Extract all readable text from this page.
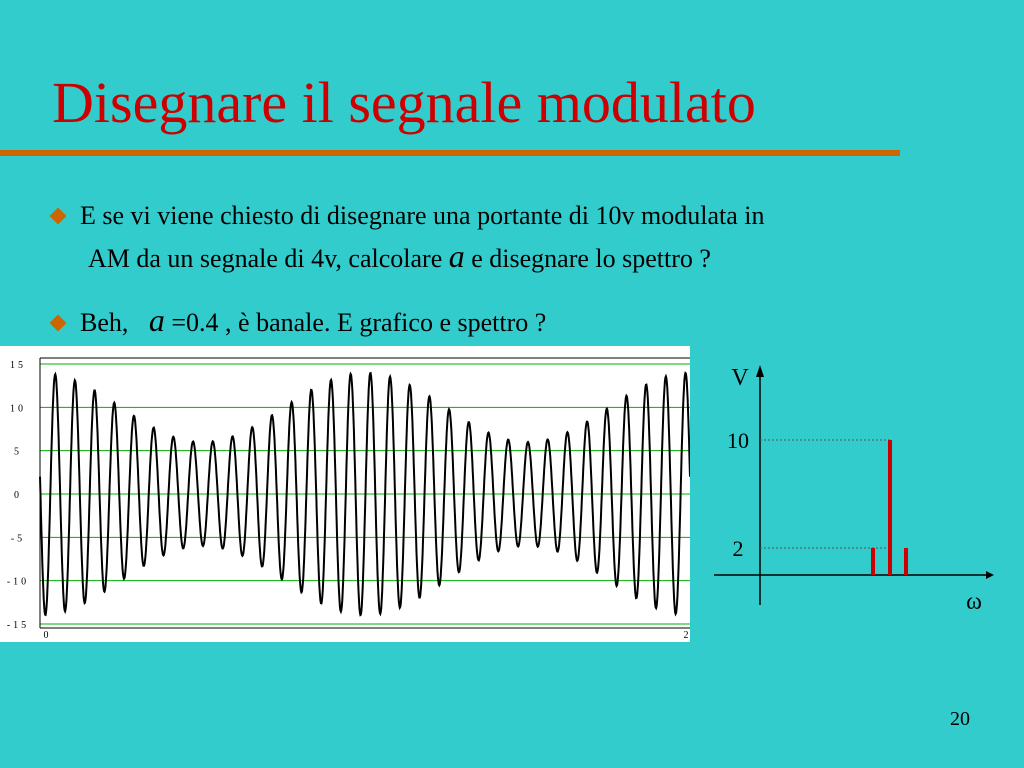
Disegnare il segnale modulato
E se vi viene chiesto di disegnare una portante di 10v modulata in
AM da un segnale di 4v, calcolare a e disegnare lo spettro ?
Beh, a =0.4 , è banale. E grafico e spettro ?
15
10
5
0
-5
-10
-15
0	2
V
ω
10
2
20
